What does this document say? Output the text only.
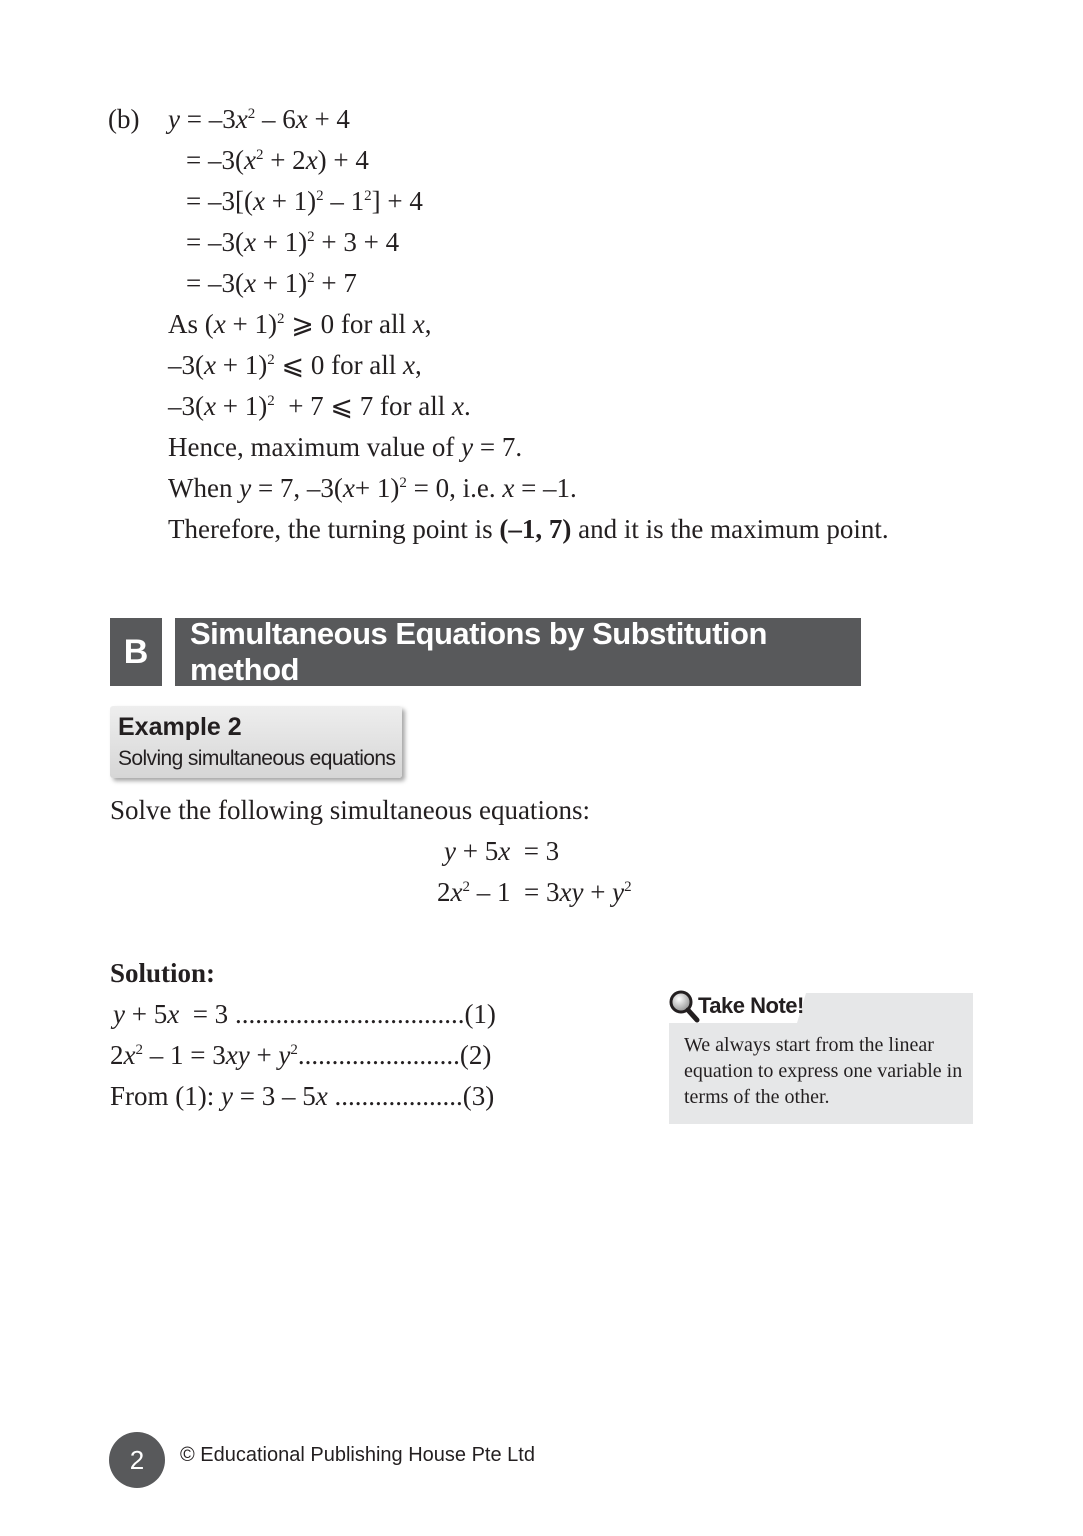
(b) $y = -3x^2 - 6x + 4$
= $-3(x^2 + 2x) + 4$
= $-3[(x + 1)^2 - 1^2] + 4$
= $-3(x + 1)^2 + 3 + 4$
= $-3(x + 1)^2 + 7$
As $(x + 1)^2$ ⩾ 0 for all x,
$-3(x + 1)^2$ ⩽ 0 for all x,
$-3(x + 1)^2 + 7$ ⩽ 7 for all x.
Hence, maximum value of y = 7.
When y = 7, $-3(x+ 1)^2 = 0$, i.e. x = –1.
Therefore, the turning point is (–1, 7) and it is the maximum point.
B	Simultaneous Equations by Substitution method
Example 2
Solving simultaneous equations
Solve the following simultaneous equations:
y + 5x  = 3
$2x^2 - 1 = 3xy + y^2$
Solution:
y + 5x  = 3 ..................................(1)
$2x^2 - 1 = 3xy + y^2........................(2)$
From (1): y = 3 – 5x ...................(3)
Take Note!
We always start from the linear equation to express one variable in terms of the other.
2	© Educational Publishing House Pte Ltd
